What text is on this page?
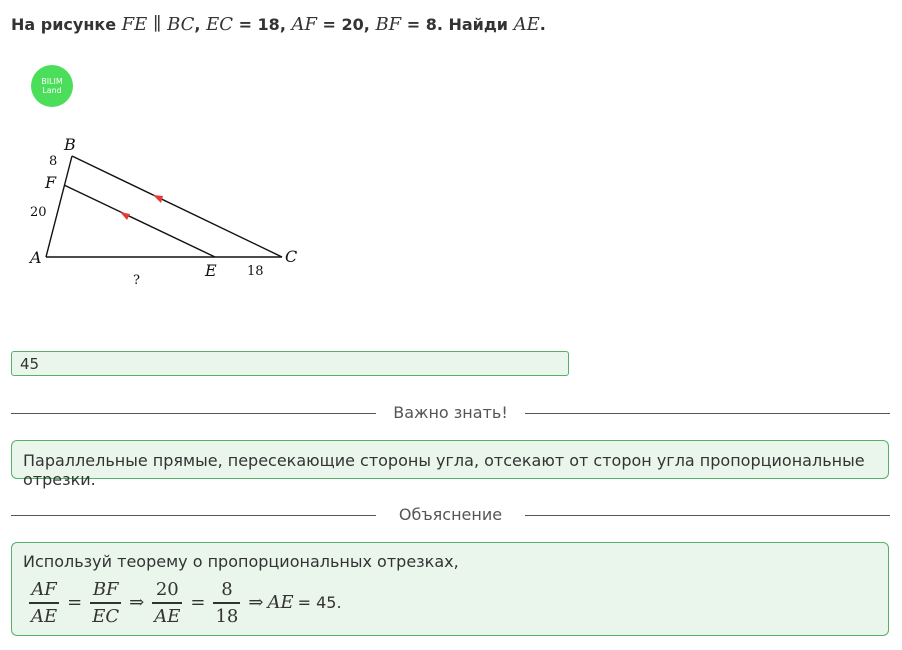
На рисунке FE ∥ BC, EC = 18, AF = 20, BF = 8. Найди AE.
BILIM
Land
B
F
A
E
C
8
20
?
18
45
Важно знать!
Параллельные прямые, пересекающие стороны угла, отсекают от сторон угла пропорциональные отрезки.
Объяснение
Используй теорему о пропорциональных отрезках,
$\frac{AF}{AE} = \frac{BF}{EC}$ ⇒ $\frac{20}{AE} = \frac{8}{18}$ ⇒ AE = 45.
